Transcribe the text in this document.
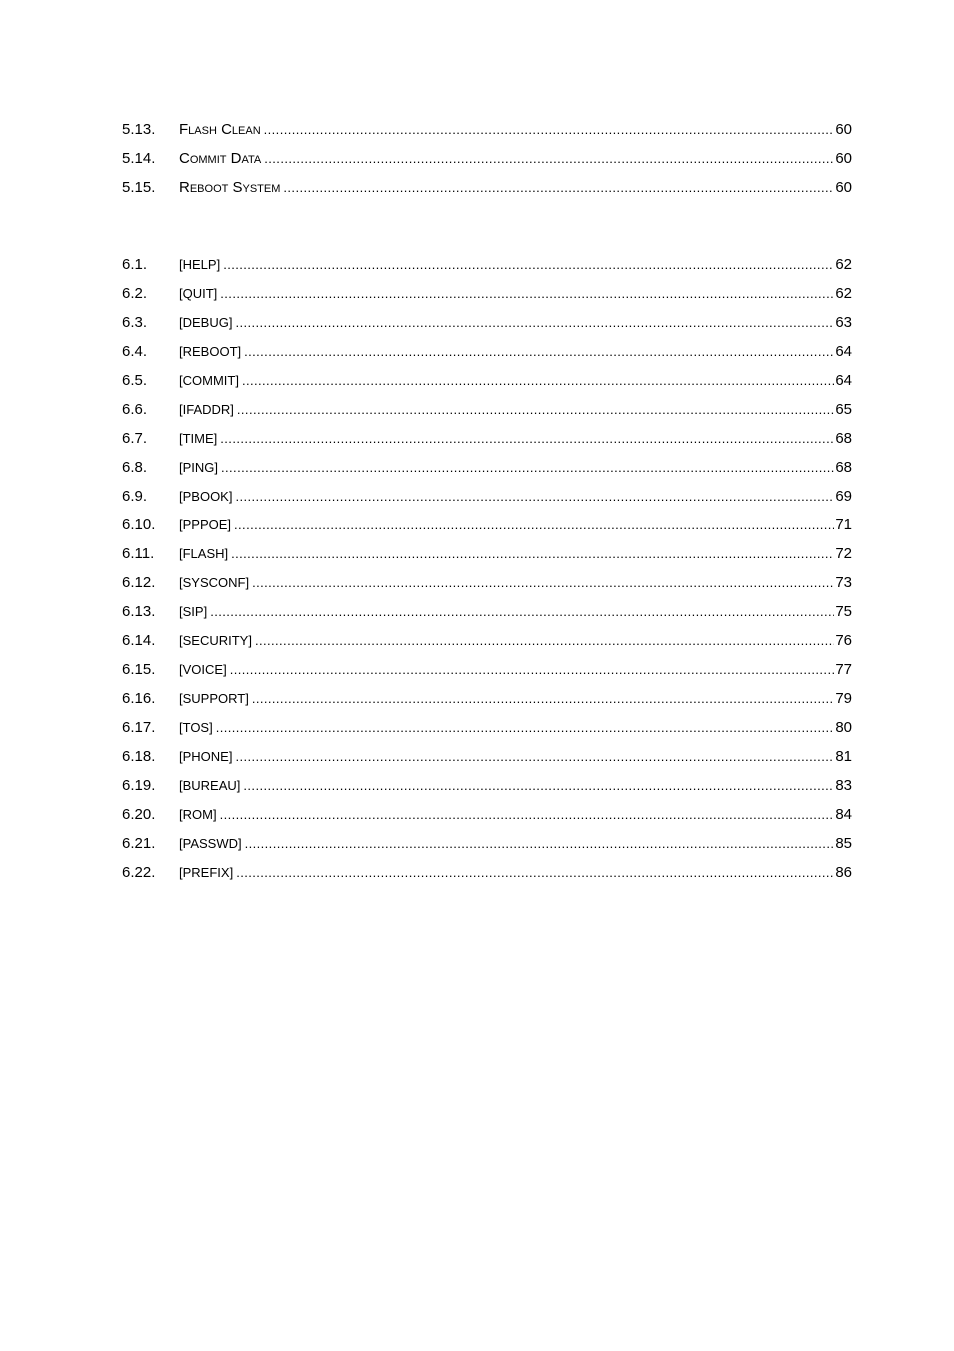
5.13.	Flash Clean .....	60
5.14.	Commit Data .....	60
5.15.	Reboot System .....	60
6.1.	[HELP] .....	62
6.2.	[QUIT] .....	62
6.3.	[DEBUG] .....	63
6.4.	[REBOOT] .....	64
6.5.	[COMMIT] .....	64
6.6.	[IFADDR] .....	65
6.7.	[TIME] .....	68
6.8.	[PING] .....	68
6.9.	[PBOOK] .....	69
6.10.	[PPPOE] .....	71
6.11.	[FLASH] .....	72
6.12.	[SYSCONF] .....	73
6.13.	[SIP] .....	75
6.14.	[SECURITY] .....	76
6.15.	[VOICE] .....	77
6.16.	[SUPPORT] .....	79
6.17.	[TOS] .....	80
6.18.	[PHONE] .....	81
6.19.	[BUREAU] .....	83
6.20.	[ROM] .....	84
6.21.	[PASSWD] .....	85
6.22.	[PREFIX] .....	86
